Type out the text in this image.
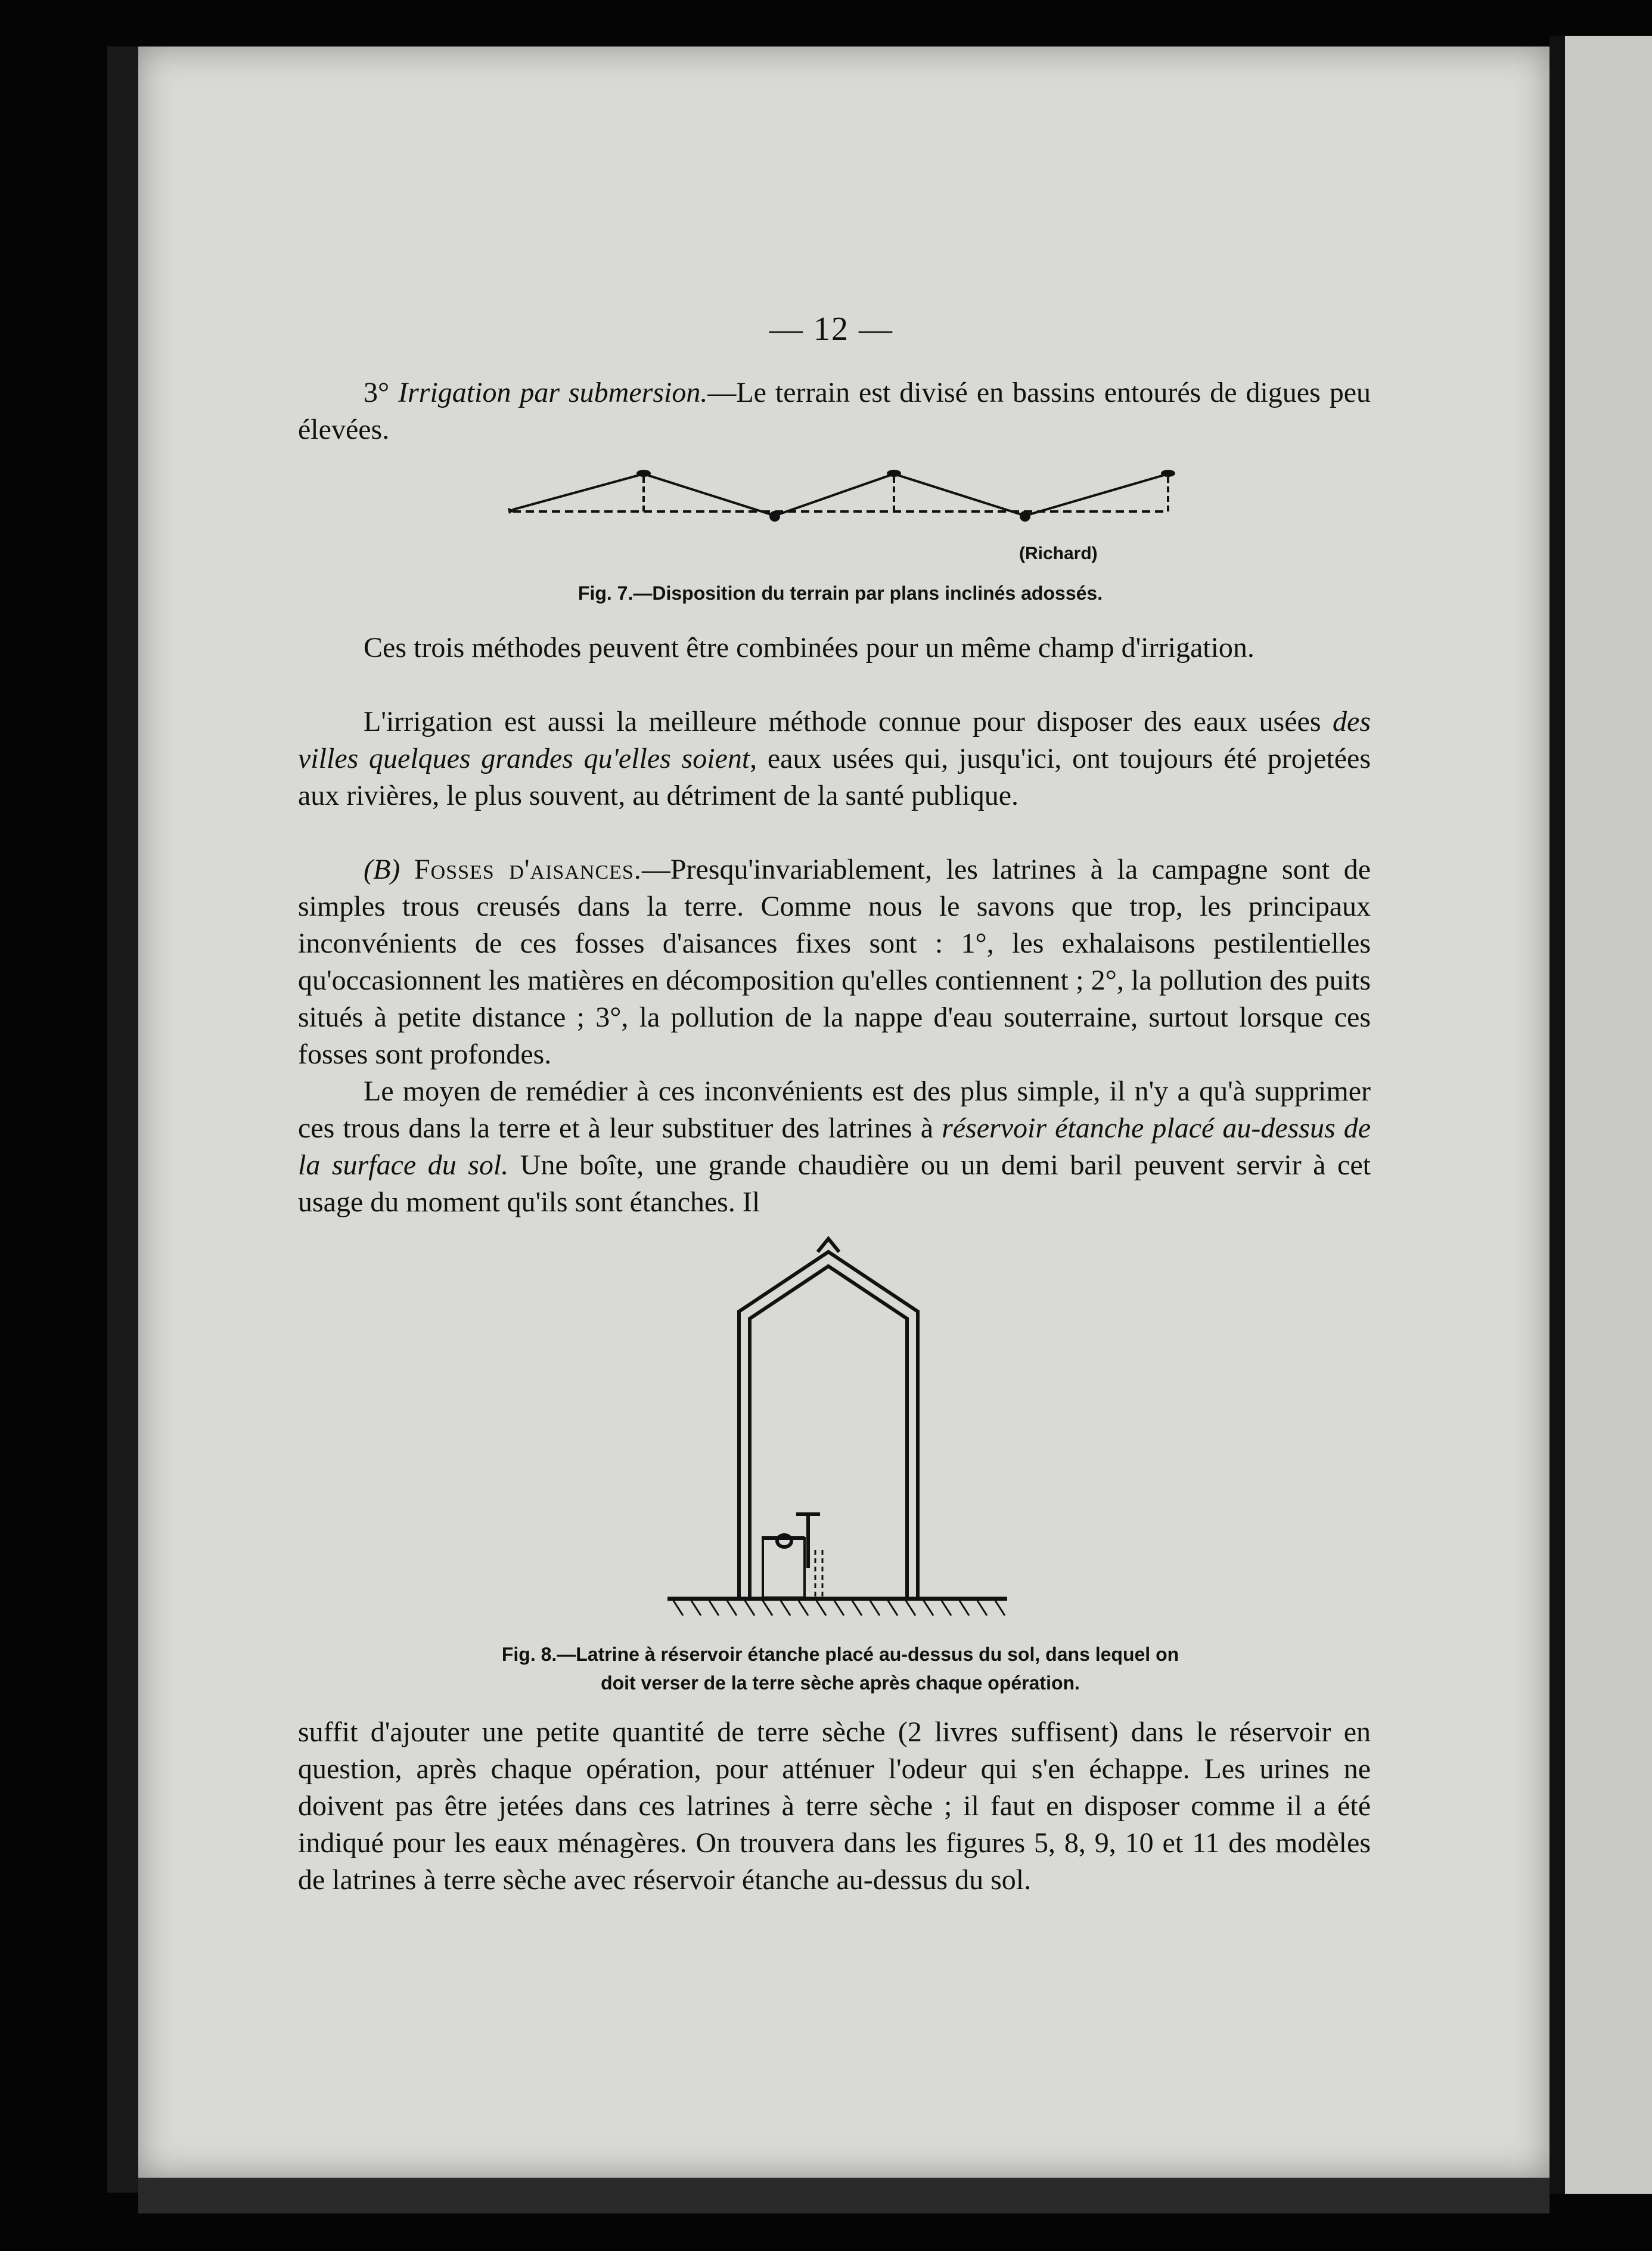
— 12 —

3° Irrigation par submersion.—Le terrain est divisé en bassins entourés de digues peu élevées.

(Richard)
Fig. 7.—Disposition du terrain par plans inclinés adossés.

Ces trois méthodes peuvent être combinées pour un même champ d'irrigation.

L'irrigation est aussi la meilleure méthode connue pour disposer des eaux usées des villes quelques grandes qu'elles soient, eaux usées qui, jusqu'ici, ont toujours été projetées aux rivières, le plus souvent, au détriment de la santé publique.

(B) Fosses d'aisances.—Presqu'invariablement, les latrines à la campagne sont de simples trous creusés dans la terre. Comme nous le savons que trop, les principaux inconvénients de ces fosses d'aisances fixes sont : 1°, les exhalaisons pestilentielles qu'occasionnent les matières en décomposition qu'elles contiennent ; 2°, la pollution des puits situés à petite distance ; 3°, la pollution de la nappe d'eau souterraine, surtout lorsque ces fosses sont profondes.

Le moyen de remédier à ces inconvénients est des plus simple, il n'y a qu'à supprimer ces trous dans la terre et à leur substituer des latrines à réservoir étanche placé au-dessus de la surface du sol. Une boîte, une grande chaudière ou un demi baril peuvent servir à cet usage du moment qu'ils sont étanches. Il

Fig. 8.—Latrine à réservoir étanche placé au-dessus du sol, dans lequel on
doit verser de la terre sèche après chaque opération.

suffit d'ajouter une petite quantité de terre sèche (2 livres suffisent) dans le réservoir en question, après chaque opération, pour atténuer l'odeur qui s'en échappe. Les urines ne doivent pas être jetées dans ces latrines à terre sèche ; il faut en disposer comme il a été indiqué pour les eaux ménagères. On trouvera dans les figures 5, 8, 9, 10 et 11 des modèles de latrines à terre sèche avec réservoir étanche au-dessus du sol.
